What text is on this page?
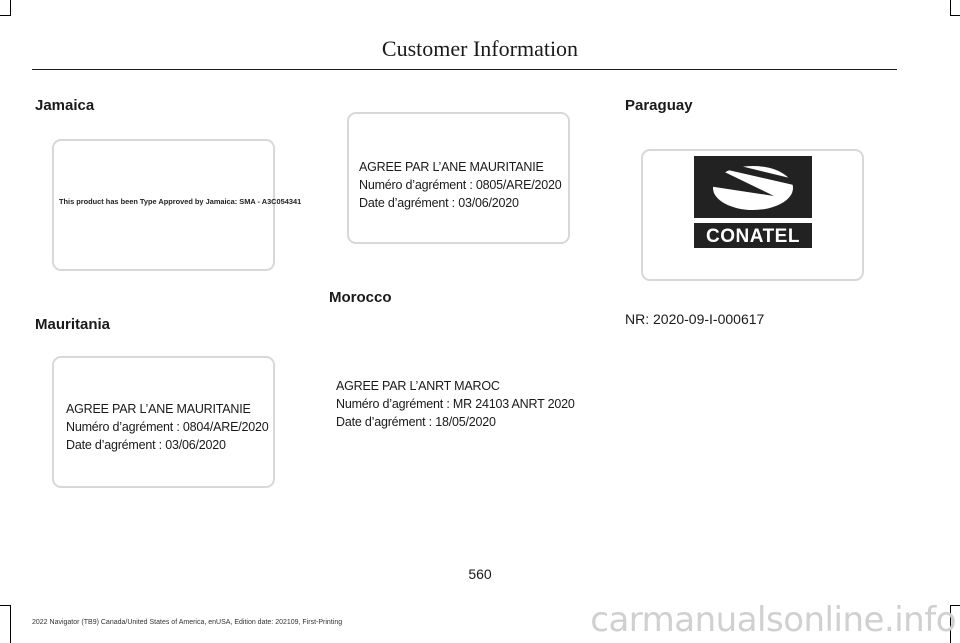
Customer Information
Jamaica
This product has been Type Approved by Jamaica: SMA - A3C054341
Mauritania
AGREE PAR L’ANE MAURITANIE
Numéro d’agrément : 0804/ARE/2020
Date d’agrément : 03/06/2020
AGREE PAR L’ANE MAURITANIE
Numéro d’agrément : 0805/ARE/2020
Date d’agrément : 03/06/2020
Morocco
AGREE PAR L’ANRT MAROC
Numéro d’agrément : MR 24103 ANRT 2020
Date d’agrément : 18/05/2020
Paraguay
CONATEL
NR: 2020-09-I-000617
560
2022 Navigator (TB9) Canada/United States of America, enUSA, Edition date: 202109, First-Printing	carmanualsonline.info
